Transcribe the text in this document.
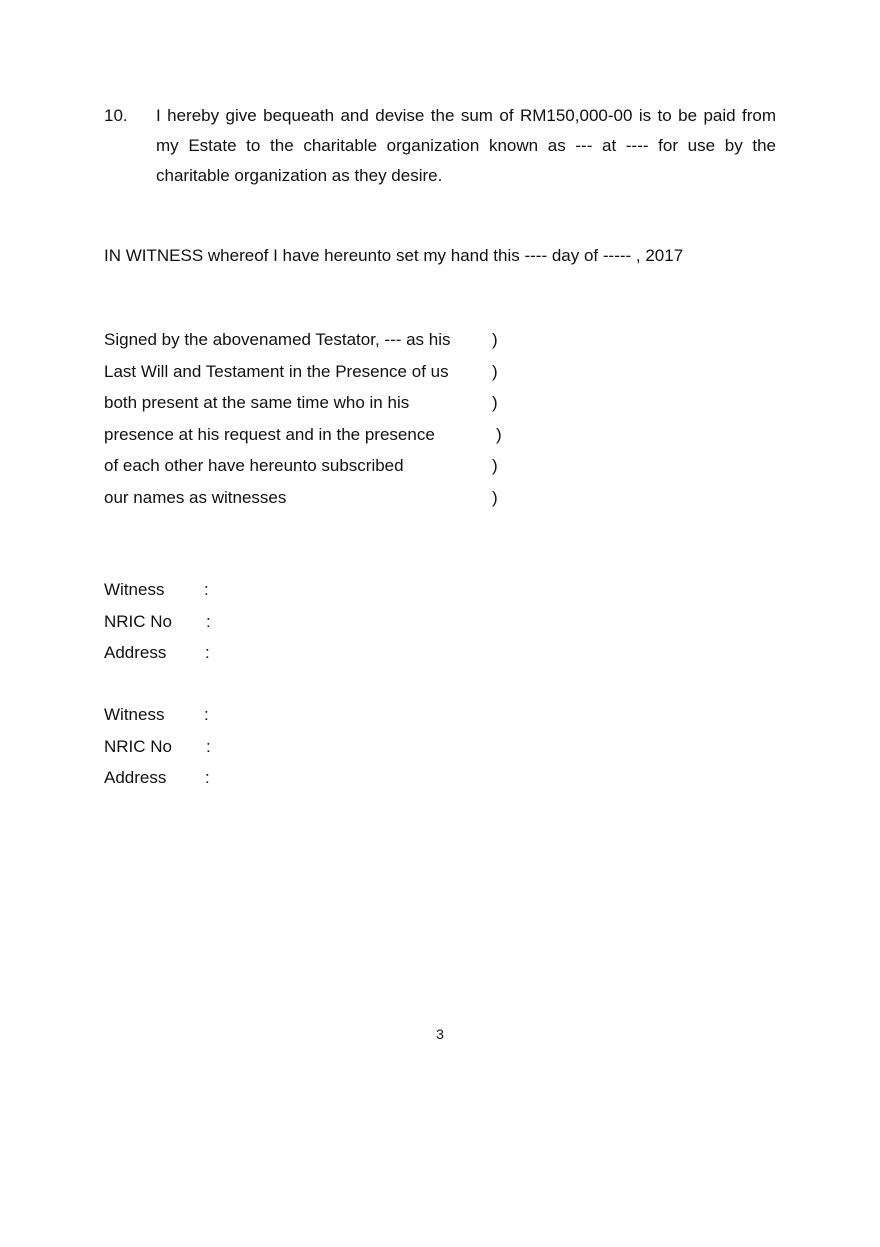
10. I hereby give bequeath and devise the sum of RM150,000-00 is to be paid from my Estate to the charitable organization known as --- at ---- for use by the charitable organization as they desire.
IN WITNESS whereof I have hereunto set my hand this ---- day of ----- , 2017
Signed by the abovenamed Testator, --- as his )
Last Will and Testament in the Presence of us	)
both present at the same time who in his	)
presence at his request and in the presence	)
of each other have hereunto subscribed	)
our names as witnesses	)
Witness :
NRIC No :
Address :
Witness :
NRIC No :
Address :
3
